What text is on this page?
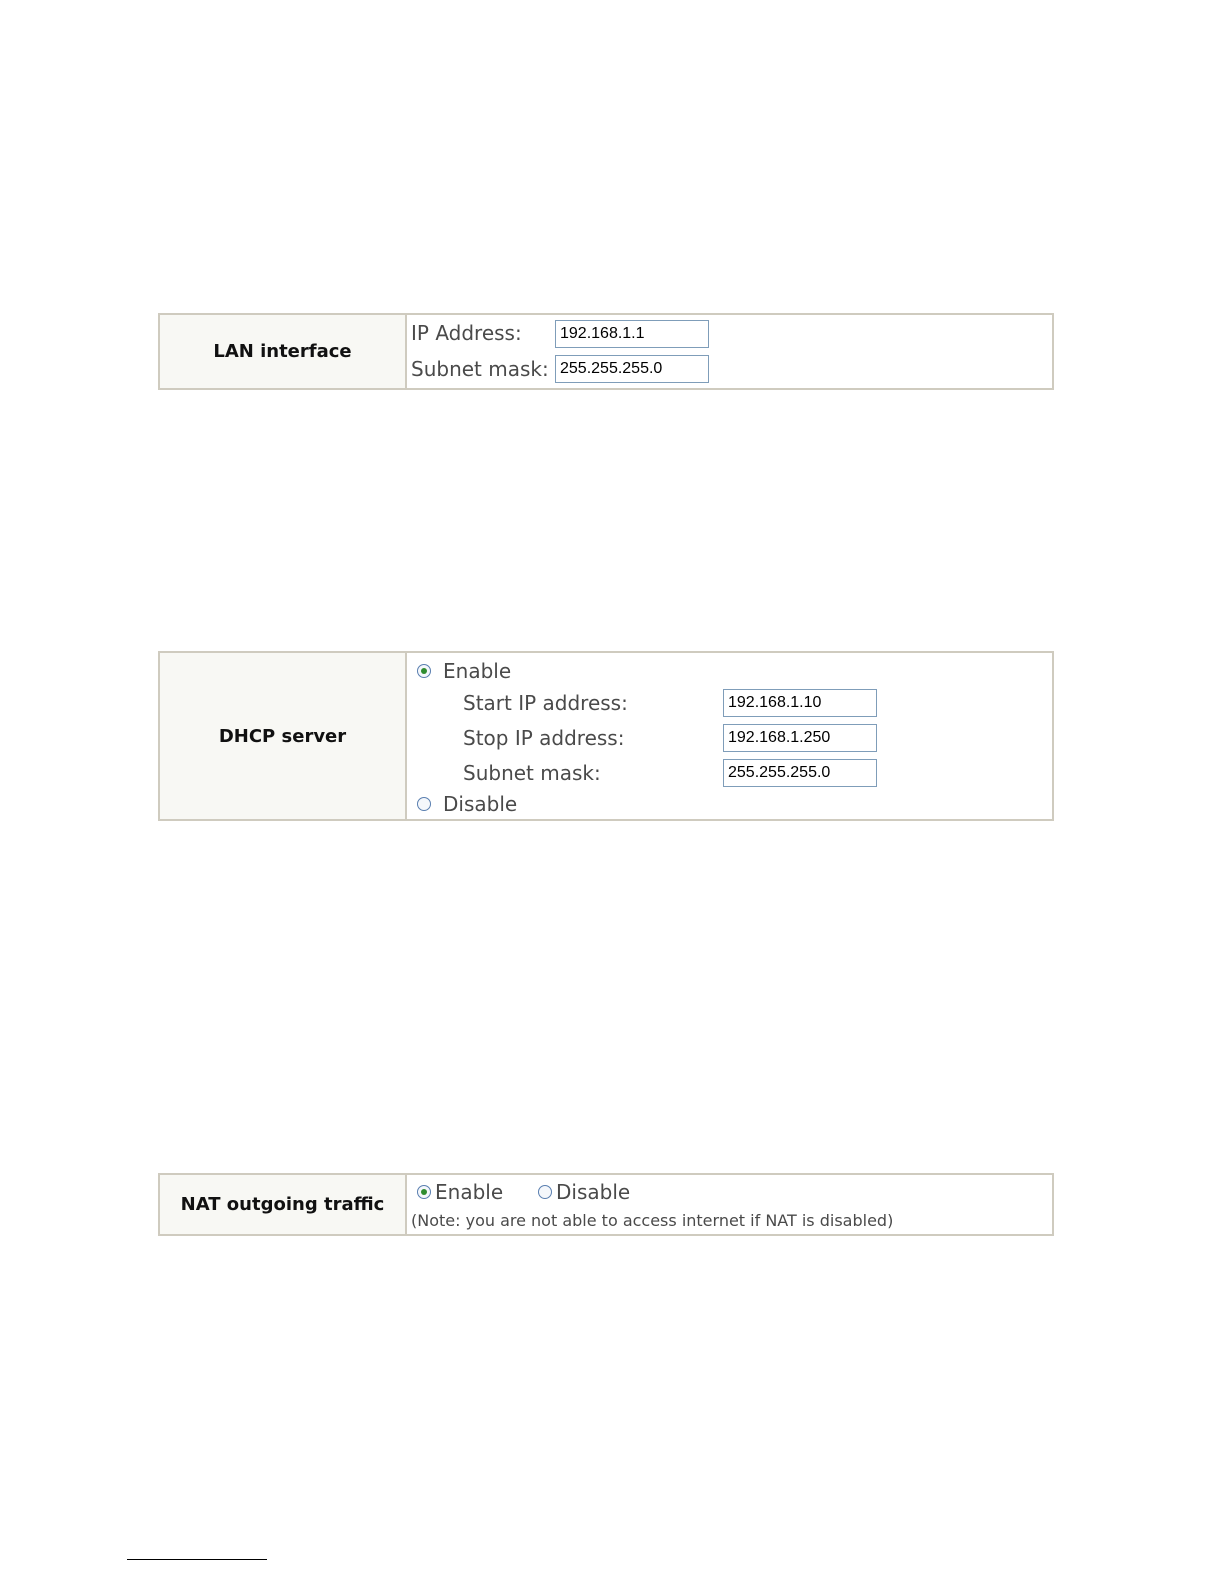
LAN interface
IP Address:
192.168.1.1
Subnet mask:
255.255.255.0
DHCP server
Enable
Start IP address:
192.168.1.10
Stop IP address:
192.168.1.250
Subnet mask:
255.255.255.0
Disable
NAT outgoing traffic
Enable	Disable
(Note: you are not able to access internet if NAT is disabled)
